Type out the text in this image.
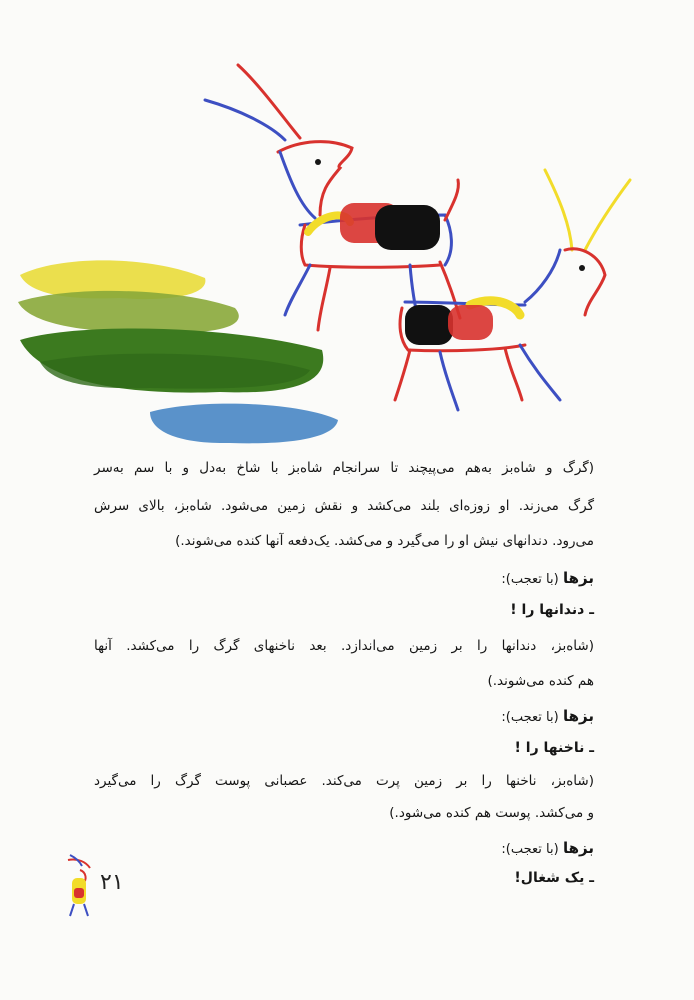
(گرگ و شاه‌بز به‌هم می‌پیچند تا سرانجام شاه‌بز با شاخ به‌دل و با سم به‌سر
گرگ می‌زند. او زوزه‌ای بلند می‌کشد و نقش زمین می‌شود. شاه‌بز، بالای سرش
می‌رود. دندانهای نیش او را می‌گیرد و می‌کشد. یک‌دفعه آنها کنده می‌شوند.)
بزها (با تعجب):
ـ دندانها را !
(شاه‌بز، دندانها را بر زمین می‌اندازد. بعد ناخنهای گرگ را می‌کشد. آنها
هم کنده می‌شوند.)
بزها (با تعجب):
ـ ناخنها را !
(شاه‌بز، ناخنها را بر زمین پرت می‌کند. عصبانی پوست گرگ را می‌گیرد
و می‌کشد. پوست هم کنده می‌شود.)
بزها (با تعجب):
ـ یک شغال!
۲۱
